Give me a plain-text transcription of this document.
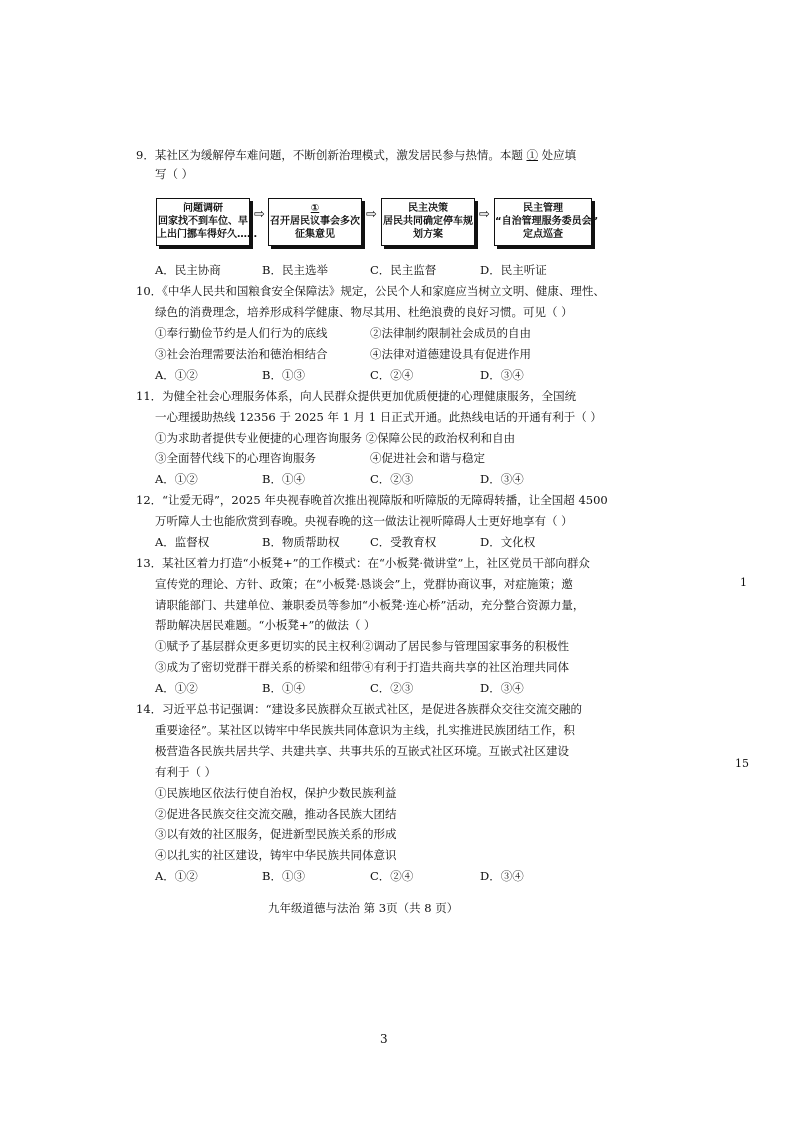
9．某社区为缓解停车难问题，不断创新治理模式，激发居民参与热情。本题 ① 处应填
写（ ）
问题调研
回家找不到车位、早
上出门挪车得好久……
⇨	①
召开居民议事会多次
征集意见
⇨	民主决策
居民共同确定停车规
划方案
⇨	民主管理
“自治管理服务委员会”
定点巡查
A．民主协商	B．民主选举	C．民主监督	D．民主听证
10．《中华人民共和国粮食安全保障法》规定，公民个人和家庭应当树立文明、健康、理性、
绿色的消费理念，培养形成科学健康、物尽其用、杜绝浪费的良好习惯。可见（ ）
①奉行勤俭节约是人们行为的底线	②法律制约限制社会成员的自由
③社会治理需要法治和德治相结合	④法律对道德建设具有促进作用
A．①②	B．①③	C．②④	D．③④
11．为健全社会心理服务体系，向人民群众提供更加优质便捷的心理健康服务，全国统
一心理援助热线 12356 于 2025 年 1 月 1 日正式开通。此热线电话的开通有利于（ ）
①为求助者提供专业便捷的心理咨询服务 ②保障公民的政治权利和自由
③全面替代线下的心理咨询服务	④促进社会和谐与稳定
A．①②	B．①④	C．②③	D．③④
12．“让爱无碍”，2025 年央视春晚首次推出视障版和听障版的无障碍转播，让全国超 4500
万听障人士也能欣赏到春晚。央视春晚的这一做法让视听障碍人士更好地享有（ ）
A．监督权	B．物质帮助权	C．受教育权	D．文化权
13．某社区着力打造“小板凳+”的工作模式：在“小板凳·微讲堂”上，社区党员干部向群众
宣传党的理论、方针、政策；在“小板凳·恳谈会”上，党群协商议事，对症施策；邀
请职能部门、共建单位、兼职委员等参加“小板凳·连心桥”活动，充分整合资源力量，
帮助解决居民难题。“小板凳+”的做法（ ）
①赋予了基层群众更多更切实的民主权利②调动了居民参与管理国家事务的积极性
③成为了密切党群干群关系的桥梁和纽带④有利于打造共商共享的社区治理共同体
A．①②	B．①④	C．②③	D．③④
14．习近平总书记强调：“建设多民族群众互嵌式社区，是促进各族群众交往交流交融的
重要途径”。某社区以铸牢中华民族共同体意识为主线，扎实推进民族团结工作，积
极营造各民族共居共学、共建共享、共事共乐的互嵌式社区环境。互嵌式社区建设
有利于（ ）
①民族地区依法行使自治权，保护少数民族利益
②促进各民族交往交流交融，推动各民族大团结
③以有效的社区服务，促进新型民族关系的形成
④以扎实的社区建设，铸牢中华民族共同体意识
A．①②	B．①③	C．②④	D．③④
九年级道德与法治 第 3页（共 8 页）
3
1
15
